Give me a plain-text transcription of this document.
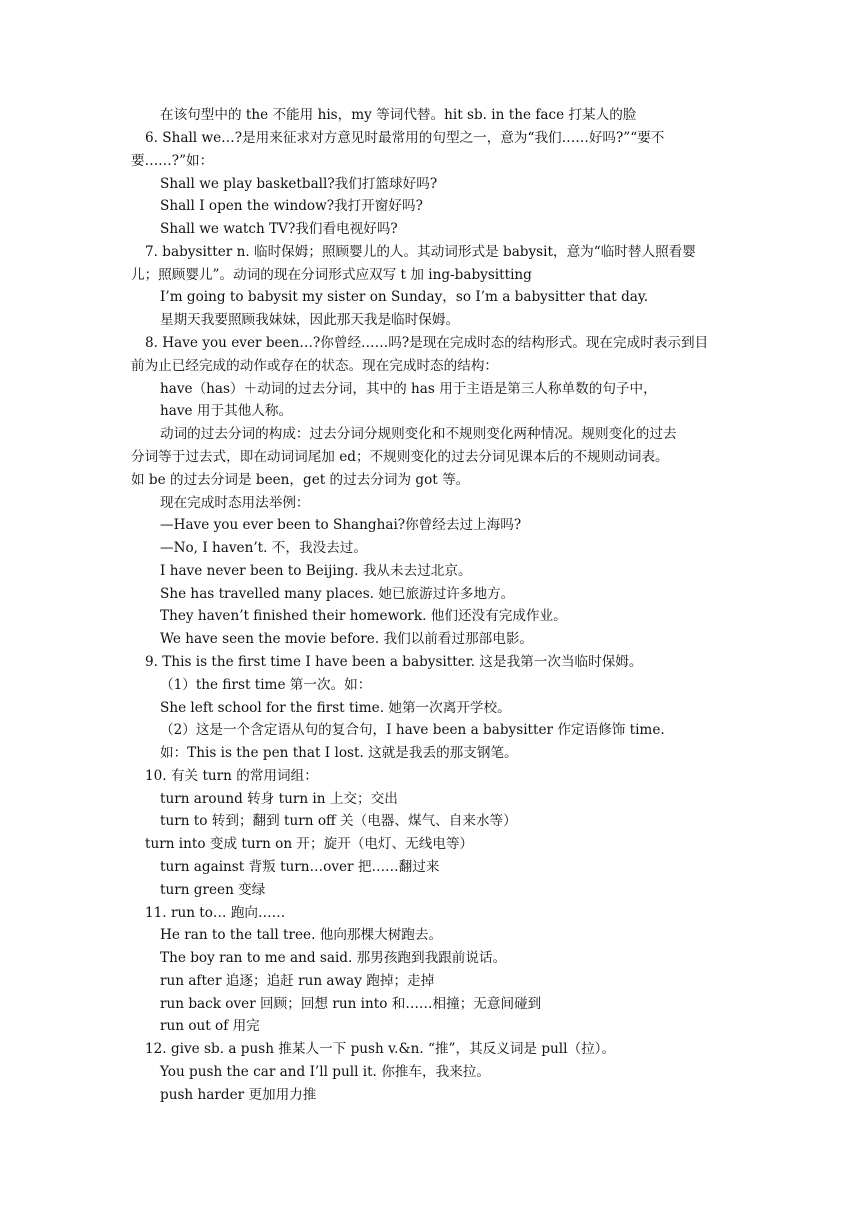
在该句型中的 the 不能用 his，my 等词代替。hit sb. in the face 打某人的脸
6. Shall we…?是用来征求对方意见时最常用的句型之一，意为“我们……好吗?”“要不
要……?”如：
Shall we play basketball?我们打篮球好吗?
Shall I open the window?我打开窗好吗?
Shall we watch TV?我们看电视好吗?
7. babysitter n. 临时保姆；照顾婴儿的人。其动词形式是 babysit，意为“临时替人照看婴
儿；照顾婴儿”。动词的现在分词形式应双写 t 加 ing-babysitting
I’m going to babysit my sister on Sunday，so I’m a babysitter that day.
星期天我要照顾我妹妹，因此那天我是临时保姆。
8. Have you ever been…?你曾经……吗?是现在完成时态的结构形式。现在完成时表示到目
前为止已经完成的动作或存在的状态。现在完成时态的结构：
have（has）＋动词的过去分词，其中的 has 用于主语是第三人称单数的句子中，
have 用于其他人称。
动词的过去分词的构成：过去分词分规则变化和不规则变化两种情况。规则变化的过去
分词等于过去式，即在动词词尾加 ed；不规则变化的过去分词见课本后的不规则动词表。
如 be 的过去分词是 been，get 的过去分词为 got 等。
现在完成时态用法举例：
—Have you ever been to Shanghai?你曾经去过上海吗?
—No, I haven’t. 不，我没去过。
I have never been to Beijing. 我从未去过北京。
She has travelled many places. 她已旅游过许多地方。
They haven’t finished their homework. 他们还没有完成作业。
We have seen the movie before. 我们以前看过那部电影。
9. This is the first time I have been a babysitter. 这是我第一次当临时保姆。
（1）the first time 第一次。如：
She left school for the first time. 她第一次离开学校。
（2）这是一个含定语从句的复合句，I have been a babysitter 作定语修饰 time.
如：This is the pen that I lost. 这就是我丢的那支钢笔。
10. 有关 turn 的常用词组：
turn around 转身 turn in 上交；交出
turn to 转到；翻到 turn off 关（电器、煤气、自来水等）
turn into 变成 turn on 开；旋开（电灯、无线电等）
turn against 背叛 turn…over 把……翻过来
turn green 变绿
11. run to… 跑向……
He ran to the tall tree. 他向那棵大树跑去。
The boy ran to me and said. 那男孩跑到我跟前说话。
run after 追逐；追赶 run away 跑掉；走掉
run back over 回顾；回想 run into 和……相撞；无意间碰到
run out of 用完
12. give sb. a push 推某人一下 push v.&n. “推”，其反义词是 pull（拉）。
You push the car and I’ll pull it. 你推车，我来拉。
push harder 更加用力推
